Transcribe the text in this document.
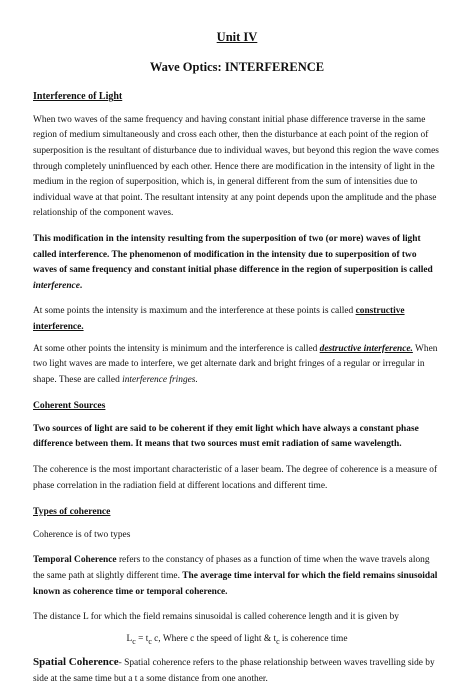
Unit IV
Wave Optics: INTERFERENCE
Interference of Light

When two waves of the same frequency and having constant initial phase difference traverse in the same region of medium simultaneously and cross each other, then the disturbance at each point of the region of superposition is the resultant of disturbance due to individual waves, but beyond this region the wave comes through completely uninfluenced by each other. Hence there are modification in the intensity of light in the medium in the region of superposition, which is, in general different from the sum of intensities due to individual wave at that point. The resultant intensity at any point depends upon the amplitude and the phase relationship of the component waves.

This modification in the intensity resulting from the superposition of two (or more) waves of light called interference. The phenomenon of modification in the intensity due to superposition of two waves of same frequency and constant initial phase difference in the region of superposition is called interference.

At some points the intensity is maximum and the interference at these points is called constructive interference.

At some other points the intensity is minimum and the interference is called destructive interference. When two light waves are made to interfere, we get alternate dark and bright fringes of a regular or irregular in shape. These are called interference fringes.

Coherent Sources

Two sources of light are said to be coherent if they emit light which have always a constant phase difference between them. It means that two sources must emit radiation of same wavelength.

The coherence is the most important characteristic of a laser beam. The degree of coherence is a measure of phase correlation in the radiation field at different locations and different time.

Types of coherence

Coherence is of two types

Temporal Coherence refers to the constancy of phases as a function of time when the wave travels along the same path at slightly different time. The average time interval for which the field remains sinusoidal known as coherence time or temporal coherence.

The distance L for which the field remains sinusoidal is called coherence length and it is given by

$L_c = t_c$ c, Where c the speed of light & $t_c$ is coherence time

Spatial Coherence- Spatial coherence refers to the phase relationship between waves travelling side by side at the same time but a t a some distance from one another.
